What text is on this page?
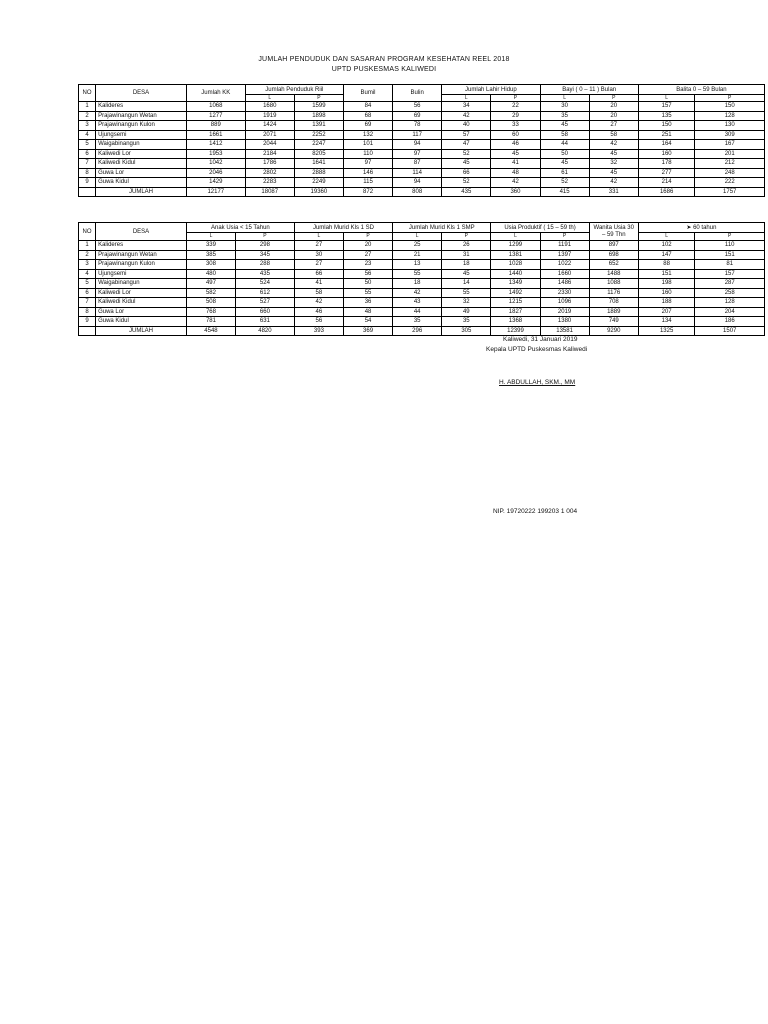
JUMLAH PENDUDUK DAN SASARAN PROGRAM KESEHATAN REEL 2018
UPTD PUSKESMAS KALIWEDI
NO	DESA	Jumlah KK	Jumlah Penduduk Riil		Bumil	Bulin	Jumlah Lahir Hidup		Bayi ( 0 – 11 ) Bulan		Balita 0 – 59 Bulan	
			L	P			L	P	L	P	L	P
1	Kalideres	1068	1680	1599	84	56	34	22	30	20	157	150
2	Prajawinangun Wetan	1277	1919	1898	68	69	42	29	35	20	135	128
3	Prajawinangun Kulon	889	1424	1391	69	78	40	33	45	27	150	130
4	Ujungsemi	1661	2071	2252	132	117	57	60	58	58	251	309
5	Waigabinangun	1412	2044	2247	101	94	47	46	44	42	164	167
6	Kaliwedi Lor	1953	2184	8205	110	97	52	45	50	45	160	201
7	Kaliwedi Kidul	1042	1786	1641	97	87	45	41	45	32	178	212
8	Guwa Lor	2046	2802	2888	146	114	66	48	61	45	277	248
9	Guwa Kidul	1429	2283	2249	115	94	52	42	52	42	214	222
	JUMLAH	12177	18087	19360	872	808	435	360	415	331	1686	1757
NO	DESA	Anak Usia < 15 Tahun		Jumlah Murid Kls 1 SD		Jumlah Murid Kls 1 SMP		Usia Produktif ( 15 – 59 th)		Wanita Usia 30
– 59 Thn	➤ 60 tahun	
		L	P	L	P	L	P	L	P		L	P
1	Kalideres	339	298	27	20	25	26	1299	1191	897	102	110
2	Prajawinangun Wetan	385	345	30	27	21	31	1381	1397	698	147	151
3	Prajawinangun Kulon	308	288	27	23	13	18	1028	1022	652	88	81
4	Ujungsemi	480	435	66	56	55	45	1440	1660	1488	151	157
5	Waigabinangun	497	524	41	50	18	14	1349	1486	1088	198	287
6	Kaliwedi Lor	582	612	58	55	42	55	1492	2330	1176	160	258
7	Kaliwedi Kidul	508	527	42	36	43	32	1215	1096	708	188	128
8	Guwa Lor	768	660	46	48	44	49	1827	2019	1889	207	204
9	Guwa Kidul	781	631	56	54	35	35	1368	1380	749	134	186
	JUMLAH	4548	4820	393	369	296	305	12399	13581	9290	1325	1507
Kaliwedi, 31 Januari 2019
Kepala UPTD Puskesmas Kaliwedi
H. ABDULLAH, SKM., MM
NIP. 19720222 199203 1 004
